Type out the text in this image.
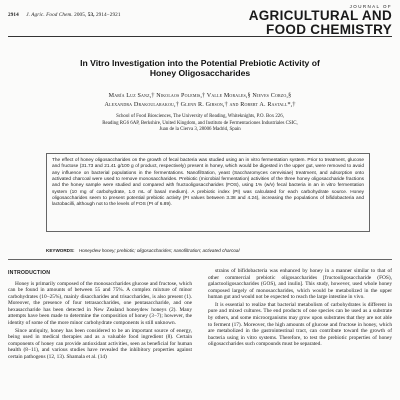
2914 J. Agric. Food Chem. 2005, 53, 2914−2921
JOURNAL OF
AGRICULTURAL AND
FOOD CHEMISTRY
In Vitro Investigation into the Potential Prebiotic Activity of
Honey Oligosaccharides
María Luz Sanz,† Nikolaos Polemis,† Valle Morales,§ Nieves Corzo,§
Alexandra Drakoularakou,† Glenn R. Gibson,† and Robert A. Rastall*,†
School of Food Biosciences, The University of Reading, Whiteknights, P.O. Box 226,
Reading RG6 6AP, Berkshire, United Kingdom, and Instituto de Fermentaciones Industriales CSIC,
Juan de la Cierva 3, 28006 Madrid, Spain
The effect of honey oligosaccharides on the growth of fecal bacteria was studied using an in vitro fermentation system. Prior to treatment, glucose and fructose (31.73 and 21.41 g/100 g of product, respectively) present in honey, which would be digested in the upper gut, were removed to avoid any influence on bacterial populations in the fermentations. Nanofiltration, yeast (Saccharomyces cerevisiae) treatment, and adsorption onto activated charcoal were used to remove monosaccharides. Prebiotic (microbial fermentation) activities of the three honey oligosaccharide fractions and the honey sample were studied and compared with fructooligosaccharides (FOS), using 1% (w/v) fecal bacteria in an in vitro fermentation system (10 mg of carbohydrate, 1.0 mL of basal medium). A prebiotic index (PI) was calculated for each carbohydrate source. Honey oligosaccharides seem to present potential prebiotic activity (PI values between 3.38 and 4.24), increasing the populations of bifidobacteria and lactobacilli, although not to the levels of FOS (PI of 6.89).
KEYWORDS: Honeydew honey; prebiotic; oligosaccharides; nanofiltration; activated charcoal
INTRODUCTION

Honey is primarily composed of the monosaccharides glucose and fructose, which can be found in amounts of between 55 and 75%. A complex mixture of minor carbohydrates (10−25%), mainly disaccharides and trisaccharides, is also present (1). Moreover, the presence of four tetrasaccharides, one pentasaccharide, and one hexasaccharide has been detected in New Zealand honeydew honeys (2). Many attempts have been made to determine the composition of honey (3−7); however, the identity of some of the more minor carbohydrate components is still unknown.

Since antiquity, honey has been considered to be an important source of energy, being used in medical therapies and as a valuable food ingredient (8). Certain components of honey can provide antioxidant activities, seen as beneficial for human health (8−11), and various studies have revealed the inhibitory properties against certain pathogens (12, 13). Shamala et al. (14)

strains of bifidobacteria was enhanced by honey in a manner similar to that of other commercial prebiotic oligosaccharides [fructooligosaccharide (FOS), galactooligosaccharides (GOS), and inulin]. This study, however, used whole honey composed largely of monosaccharides, which would be metabolized in the upper human gut and would not be expected to reach the large intestine in vivo.

It is essential to realize that bacterial metabolism of carbohydrates is different in pure and mixed cultures. The end products of one species can be used as a substrate by others, and some microorganisms may grow upon substrates that they are not able to ferment (17). Moreover, the high amounts of glucose and fructose in honey, which are metabolized in the gastrointestinal tract, can contribute toward the growth of bacteria using in vitro systems. Therefore, to test the prebiotic properties of honey oligosaccharides such compounds must be separated.
